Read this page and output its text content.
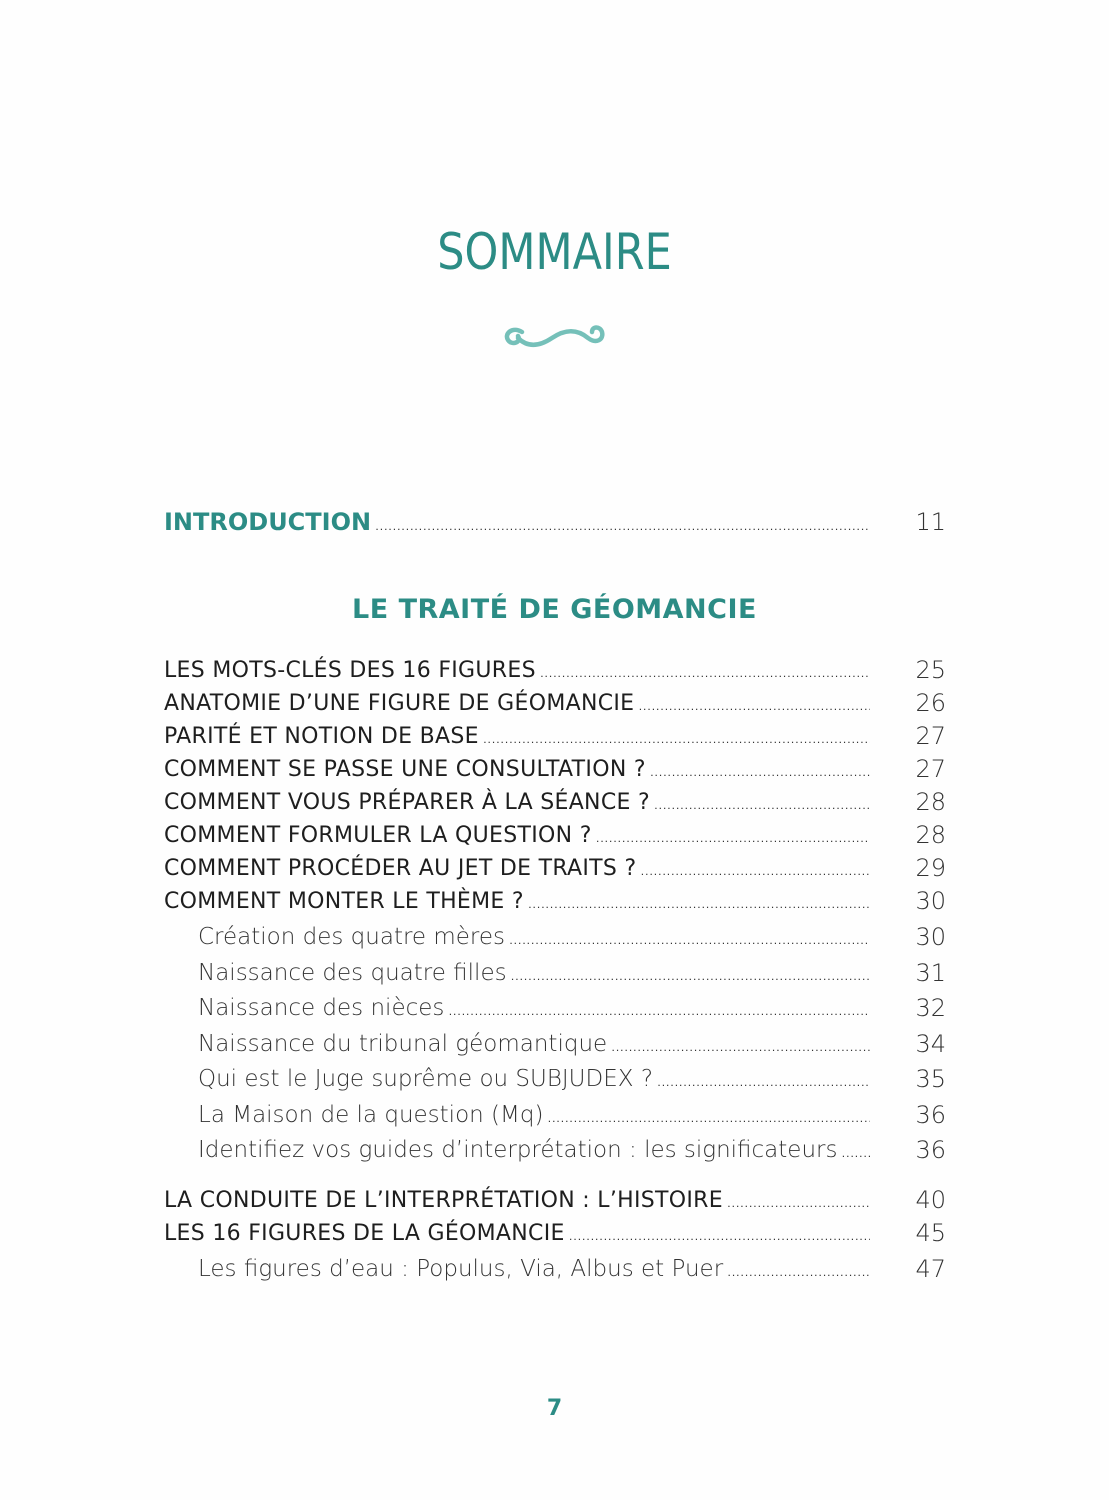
SOMMAIRE
INTRODUCTION .....	11
LE TRAITÉ DE GÉOMANCIE
LES MOTS-CLÉS DES 16 FIGURES .....	25
ANATOMIE D’UNE FIGURE DE GÉOMANCIE .....	26
PARITÉ ET NOTION DE BASE .....	27
COMMENT SE PASSE UNE CONSULTATION ? .....	27
COMMENT VOUS PRÉPARER À LA SÉANCE ? .....	28
COMMENT FORMULER LA QUESTION ? .....	28
COMMENT PROCÉDER AU JET DE TRAITS ? .....	29
COMMENT MONTER LE THÈME ? .....	30
Création des quatre mères .....	30
Naissance des quatre filles .....	31
Naissance des nièces .....	32
Naissance du tribunal géomantique .....	34
Qui est le Juge suprême ou SUBJUDEX ? .....	35
La Maison de la question (Mq) .....	36
Identifiez vos guides d’interprétation : les significateurs .....	36
LA CONDUITE DE L’INTERPRÉTATION : L’HISTOIRE .....	40
LES 16 FIGURES DE LA GÉOMANCIE .....	45
Les figures d’eau : Populus, Via, Albus et Puer .....	47
7
